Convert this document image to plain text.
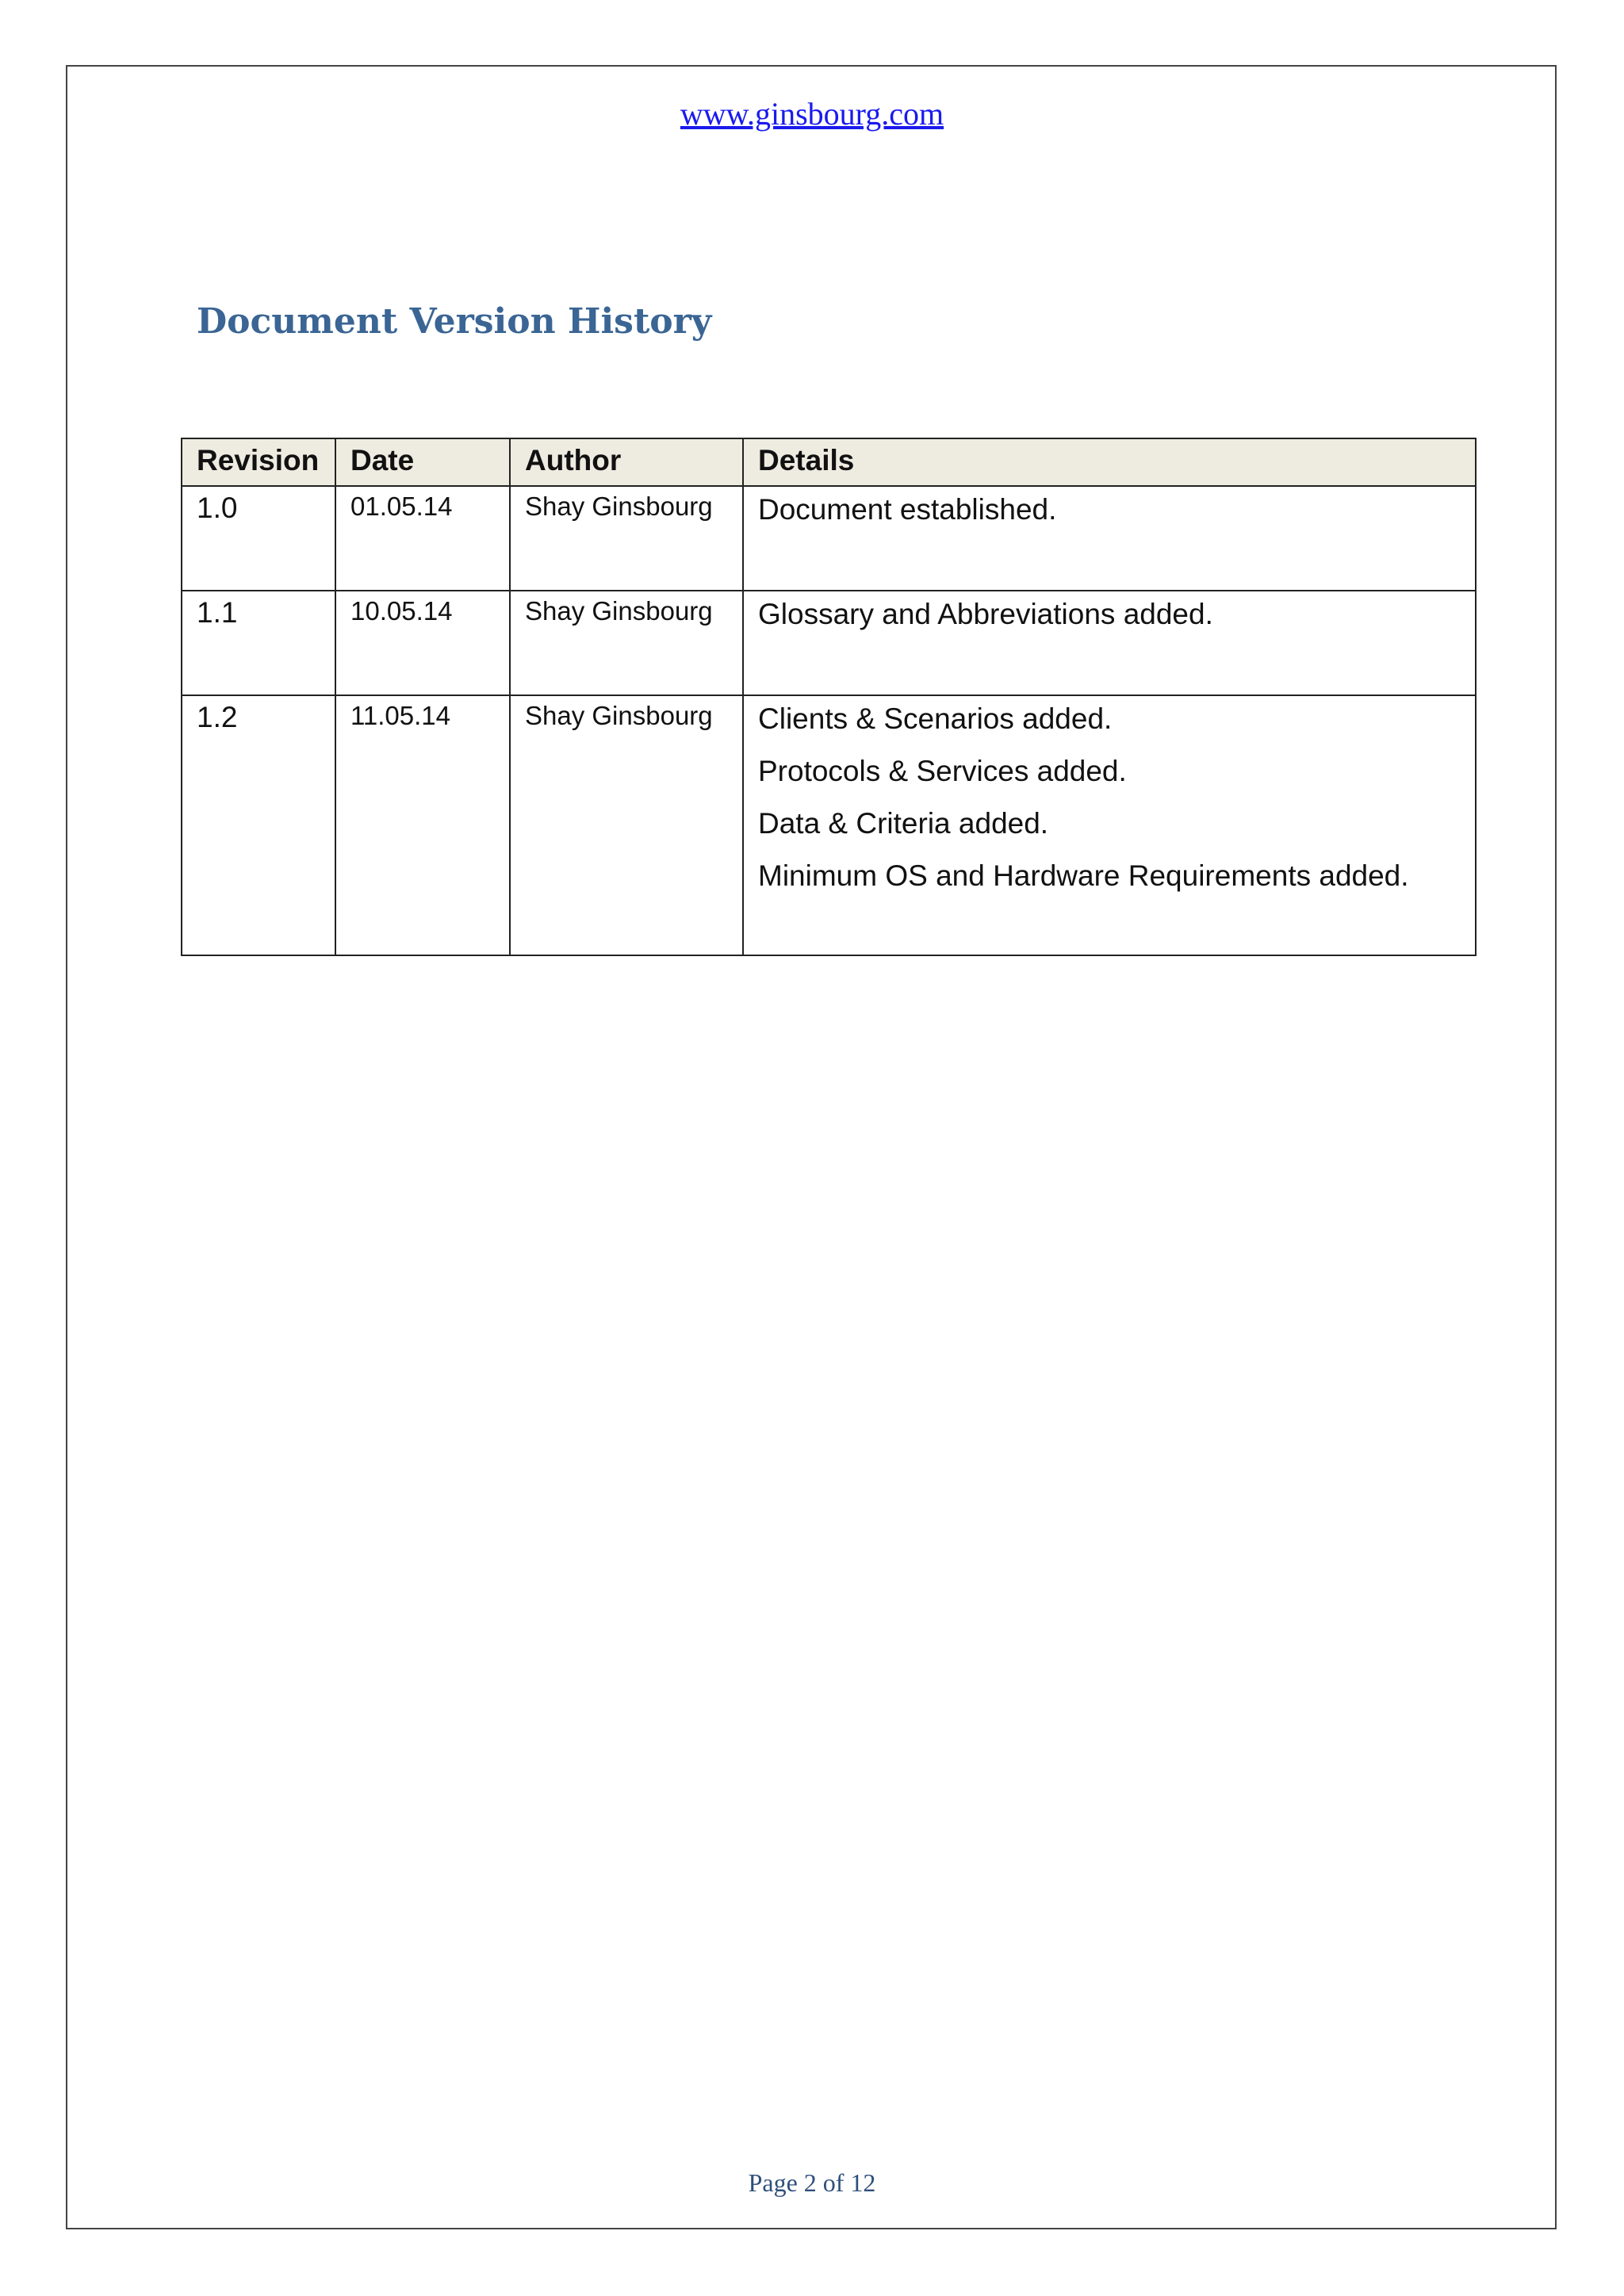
www.ginsbourg.com
Document Version History
Revision	Date	Author	Details
1.0	01.05.14	Shay Ginsbourg	Document established.

1.1	10.05.14	Shay Ginsbourg	Glossary and Abbreviations added.

1.2	11.05.14	Shay Ginsbourg	Clients & Scenarios added.
Protocols & Services added.
Data & Criteria added.
Minimum OS and Hardware Requirements added.
Page 2 of 12
